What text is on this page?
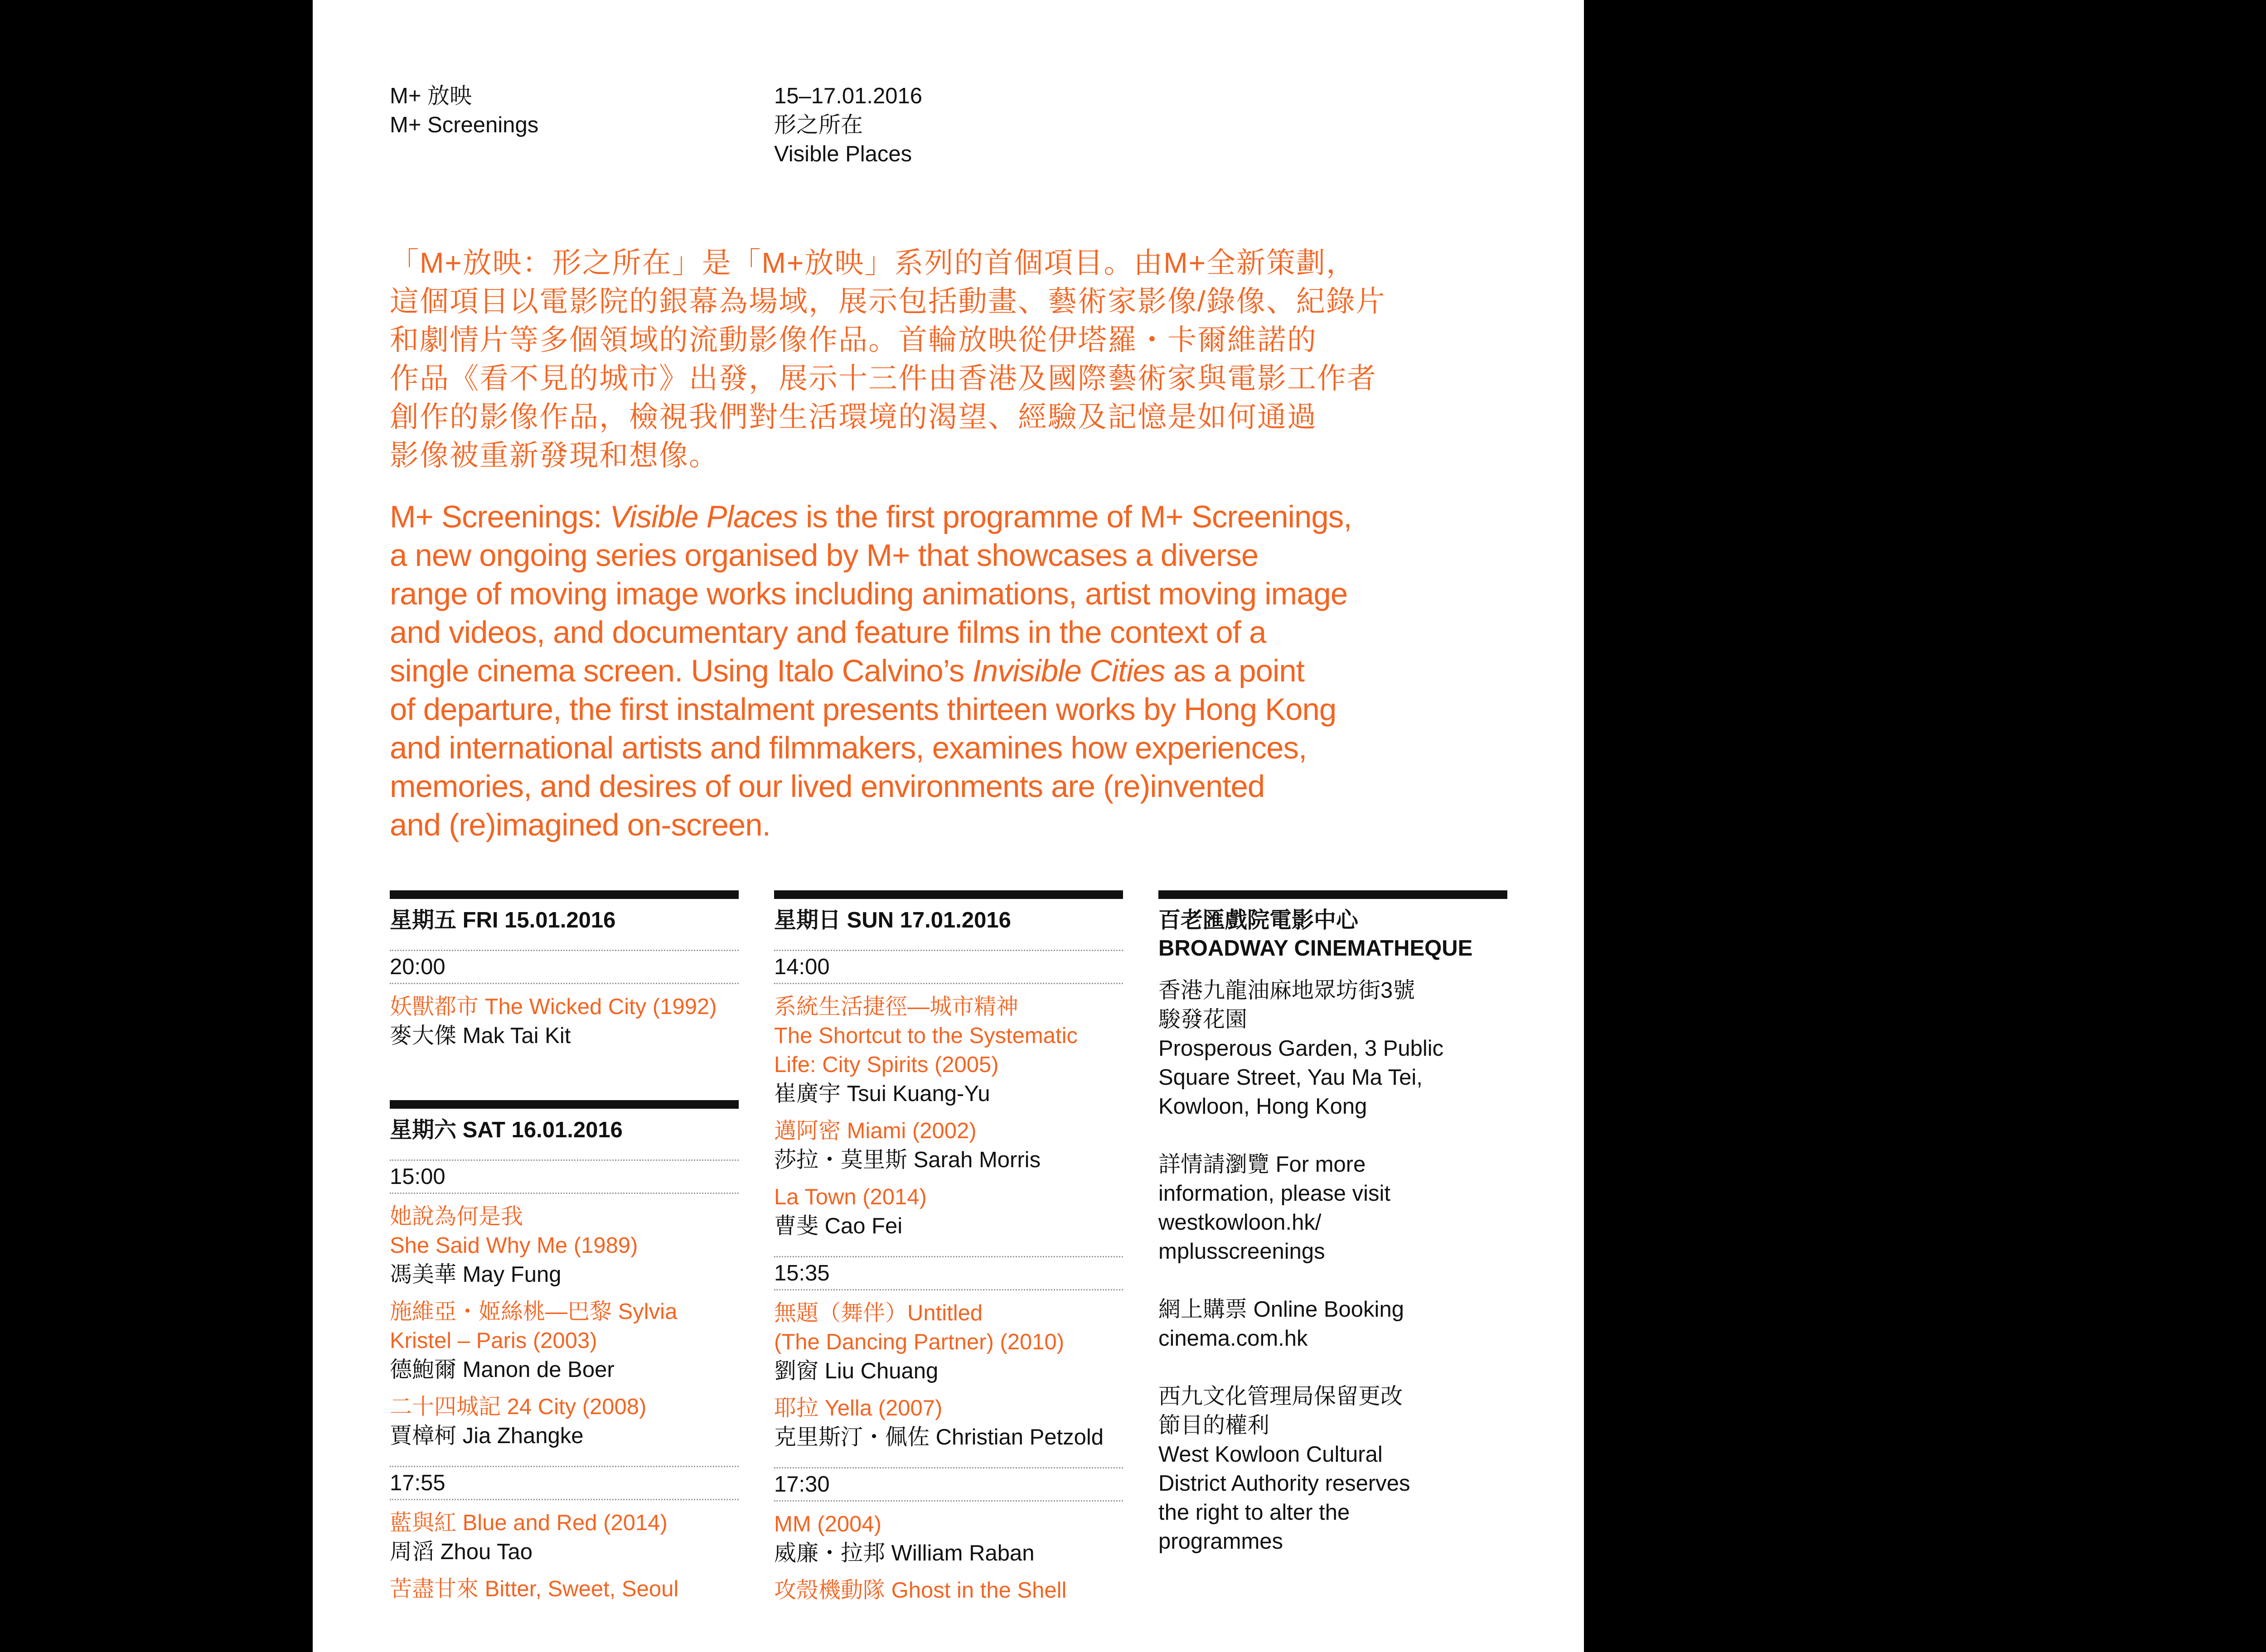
M+ 放映
M+ Screenings
15–17.01.2016
形之所在
Visible Places
「M+放映：形之所在」是「M+放映」系列的首個項目。由M+全新策劃，
這個項目以電影院的銀幕為場域，展示包括動畫、藝術家影像/錄像、紀錄片
和劇情片等多個領域的流動影像作品。首輪放映從伊塔羅・卡爾維諾的
作品《看不見的城市》出發，展示十三件由香港及國際藝術家與電影工作者
創作的影像作品，檢視我們對生活環境的渴望、經驗及記憶是如何通過
影像被重新發現和想像。
M+ Screenings: Visible Places is the first programme of M+ Screenings,
a new ongoing series organised by M+ that showcases a diverse
range of moving image works including animations, artist moving image
and videos, and documentary and feature films in the context of a
single cinema screen. Using Italo Calvino’s Invisible Cities as a point
of departure, the first instalment presents thirteen works by Hong Kong
and international artists and filmmakers, examines how experiences,
memories, and desires of our lived environments are (re)invented
and (re)imagined on-screen.
星期五 FRI 15.01.2016
20:00
妖獸都市 The Wicked City (1992)
麥大傑 Mak Tai Kit
星期六 SAT 16.01.2016
15:00
她說為何是我
She Said Why Me (1989)
馮美華 May Fung
施維亞・姬絲桃—巴黎 Sylvia
Kristel – Paris (2003)
德鮑爾 Manon de Boer
二十四城記 24 City (2008)
賈樟柯 Jia Zhangke
17:55
藍與紅 Blue and Red (2014)
周滔 Zhou Tao
苦盡甘來 Bitter, Sweet, Seoul
星期日 SUN 17.01.2016
14:00
系統生活捷徑—城市精神
The Shortcut to the Systematic
Life: City Spirits (2005)
崔廣宇 Tsui Kuang-Yu
邁阿密 Miami (2002)
莎拉・莫里斯 Sarah Morris
La Town (2014)
曹斐 Cao Fei
15:35
無題（舞伴）Untitled
(The Dancing Partner) (2010)
劉窗 Liu Chuang
耶拉 Yella (2007)
克里斯汀・佩佐 Christian Petzold
17:30
MM (2004)
威廉・拉邦 William Raban
攻殼機動隊 Ghost in the Shell
百老匯戲院電影中心
BROADWAY CINEMATHEQUE
香港九龍油麻地眾坊街3號
駿發花園
Prosperous Garden, 3 Public
Square Street, Yau Ma Tei,
Kowloon, Hong Kong
詳情請瀏覽 For more
information, please visit
westkowloon.hk/
mplusscreenings
網上購票 Online Booking
cinema.com.hk
西九文化管理局保留更改
節目的權利
West Kowloon Cultural
District Authority reserves
the right to alter the
programmes
